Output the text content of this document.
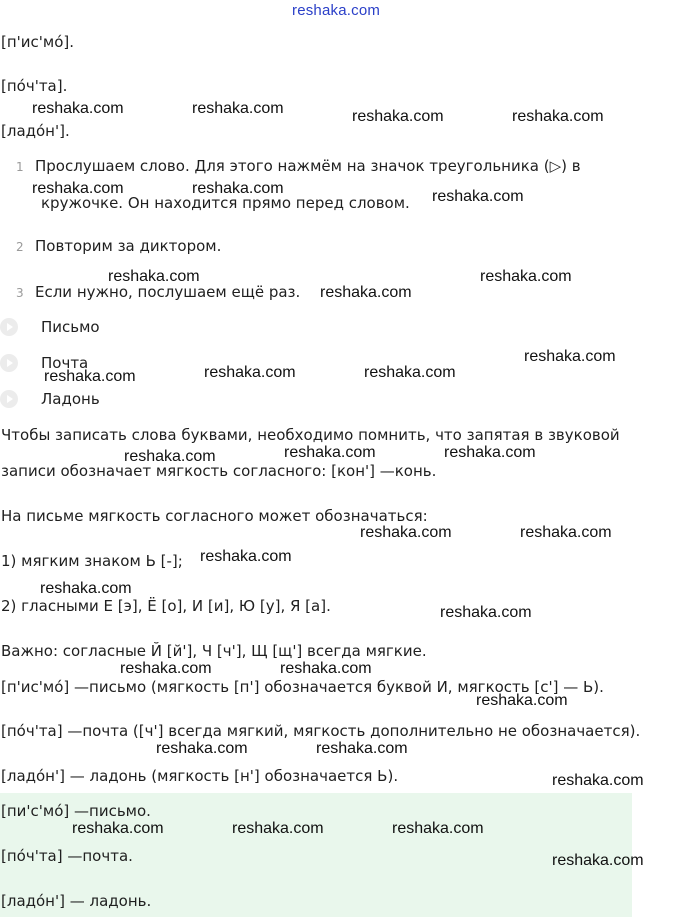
reshaka.com
[п'ис'мо́].
[по́ч'та].
[ладо́н'].
1 Прослушаем слово. Для этого нажмём на значок треугольника (▷) в
кружочке. Он находится прямо перед словом.
2 Повторим за диктором.
3 Если нужно, послушаем ещё раз.
Письмо
Почта
Ладонь
Чтобы записать слова буквами, необходимо помнить, что запятая в звуковой
записи обозначает мягкость согласного: [кон'] —конь.
На письме мягкость согласного может обозначаться:
1) мягким знаком Ь [-];
2) гласными Е [э], Ё [о], И [и], Ю [у], Я [а].
Важно: согласные Й [й'], Ч [ч'], Щ [щ'] всегда мягкие.
[п'ис'мо́] —письмо (мягкость [п'] обозначается буквой И, мягкость [с'] — Ь).
[по́ч'та] —почта ([ч'] всегда мягкий, мягкость дополнительно не обозначается).
[ладо́н'] — ладонь (мягкость [н'] обозначается Ь).
[пи'с'мо́] —письмо.
[по́ч'та] —почта.
[ладо́н'] — ладонь.
reshaka.com	reshaka.com	reshaka.com	reshaka.com
reshaka.com	reshaka.com	reshaka.com
reshaka.com	reshaka.com
reshaka.com
reshaka.com
reshaka.com	reshaka.com
reshaka.com
reshaka.com	reshaka.com
reshaka.com
reshaka.com	reshaka.com
reshaka.com
reshaka.com
reshaka.com
reshaka.com	reshaka.com
reshaka.com
reshaka.com	reshaka.com
reshaka.com
reshaka.com	reshaka.com	reshaka.com
reshaka.com
